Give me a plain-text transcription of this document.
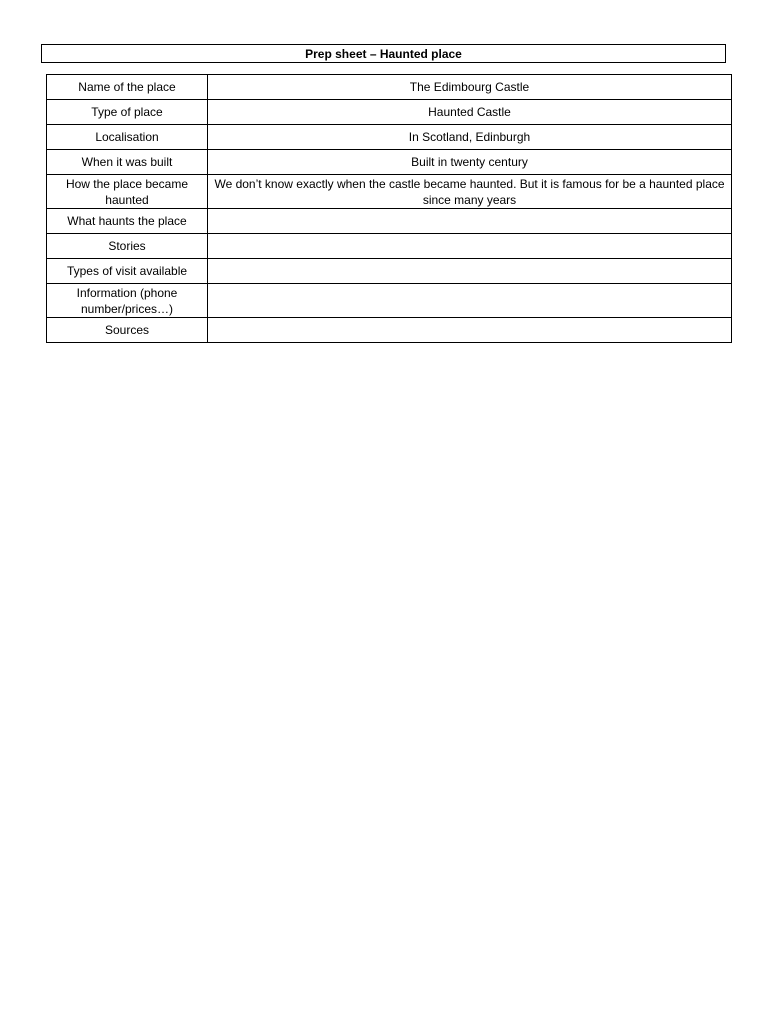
Prep sheet – Haunted place
Name of the place	The Edimbourg Castle
Type of place	Haunted Castle
Localisation	In Scotland, Edinburgh
When it was built	Built in twenty century
How the place became haunted	We don’t know exactly when the castle became haunted. But it is famous for be a haunted place since many years
What haunts the place	
Stories	
Types of visit available	
Information (phone number/prices…)	
Sources	
